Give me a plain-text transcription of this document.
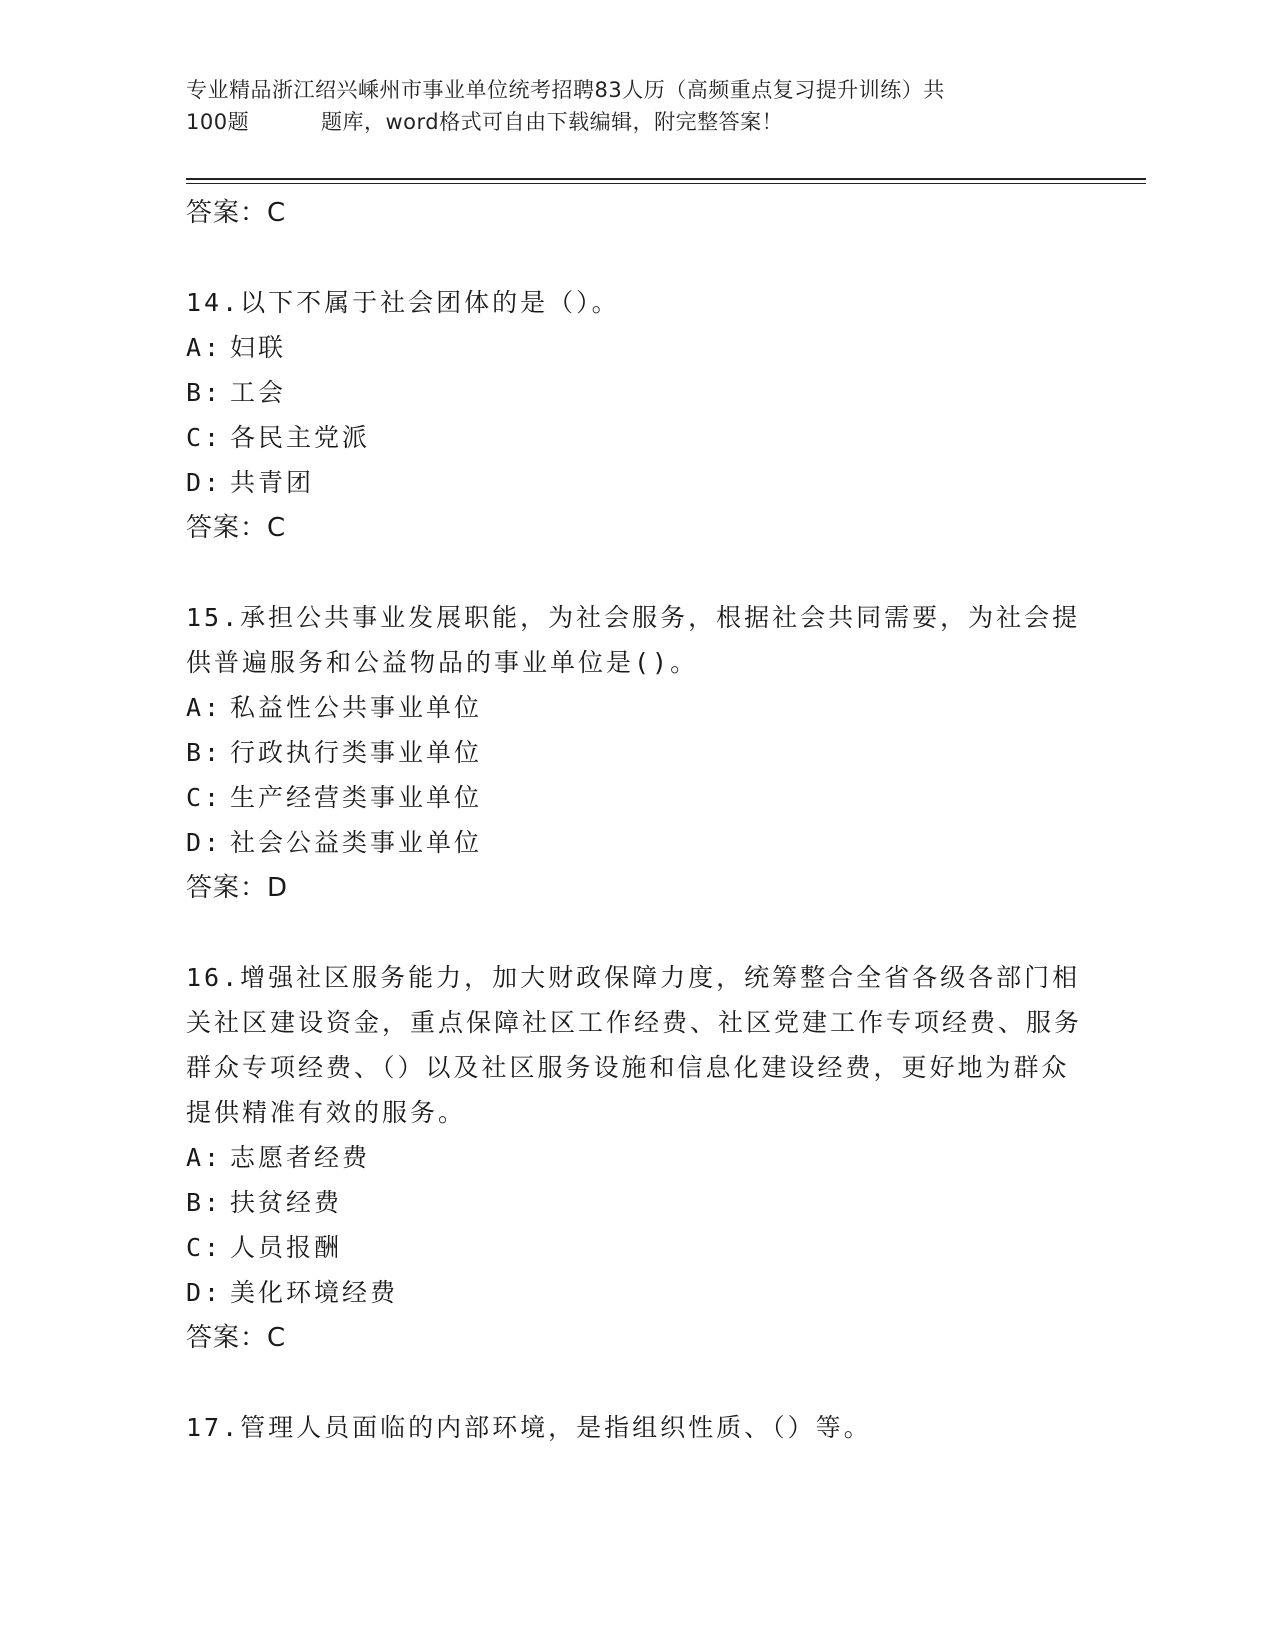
专业精品浙江绍兴嵊州市事业单位统考招聘83人历（高频重点复习提升训练）共
100题	题库，word格式可自由下载编辑，附完整答案！
答案：C
14.以下不属于社会团体的是（）。
A: 妇联
B: 工会
C: 各民主党派
D: 共青团
答案：C
15.承担公共事业发展职能，为社会服务，根据社会共同需要，为社会提供普遍服务和公益物品的事业单位是()。
A: 私益性公共事业单位
B: 行政执行类事业单位
C: 生产经营类事业单位
D: 社会公益类事业单位
答案：D
16.增强社区服务能力，加大财政保障力度，统筹整合全省各级各部门相关社区建设资金，重点保障社区工作经费、社区党建工作专项经费、服务群众专项经费、（）以及社区服务设施和信息化建设经费，更好地为群众提供精准有效的服务。
A: 志愿者经费
B: 扶贫经费
C: 人员报酬
D: 美化环境经费
答案：C
17.管理人员面临的内部环境，是指组织性质、（）等。
